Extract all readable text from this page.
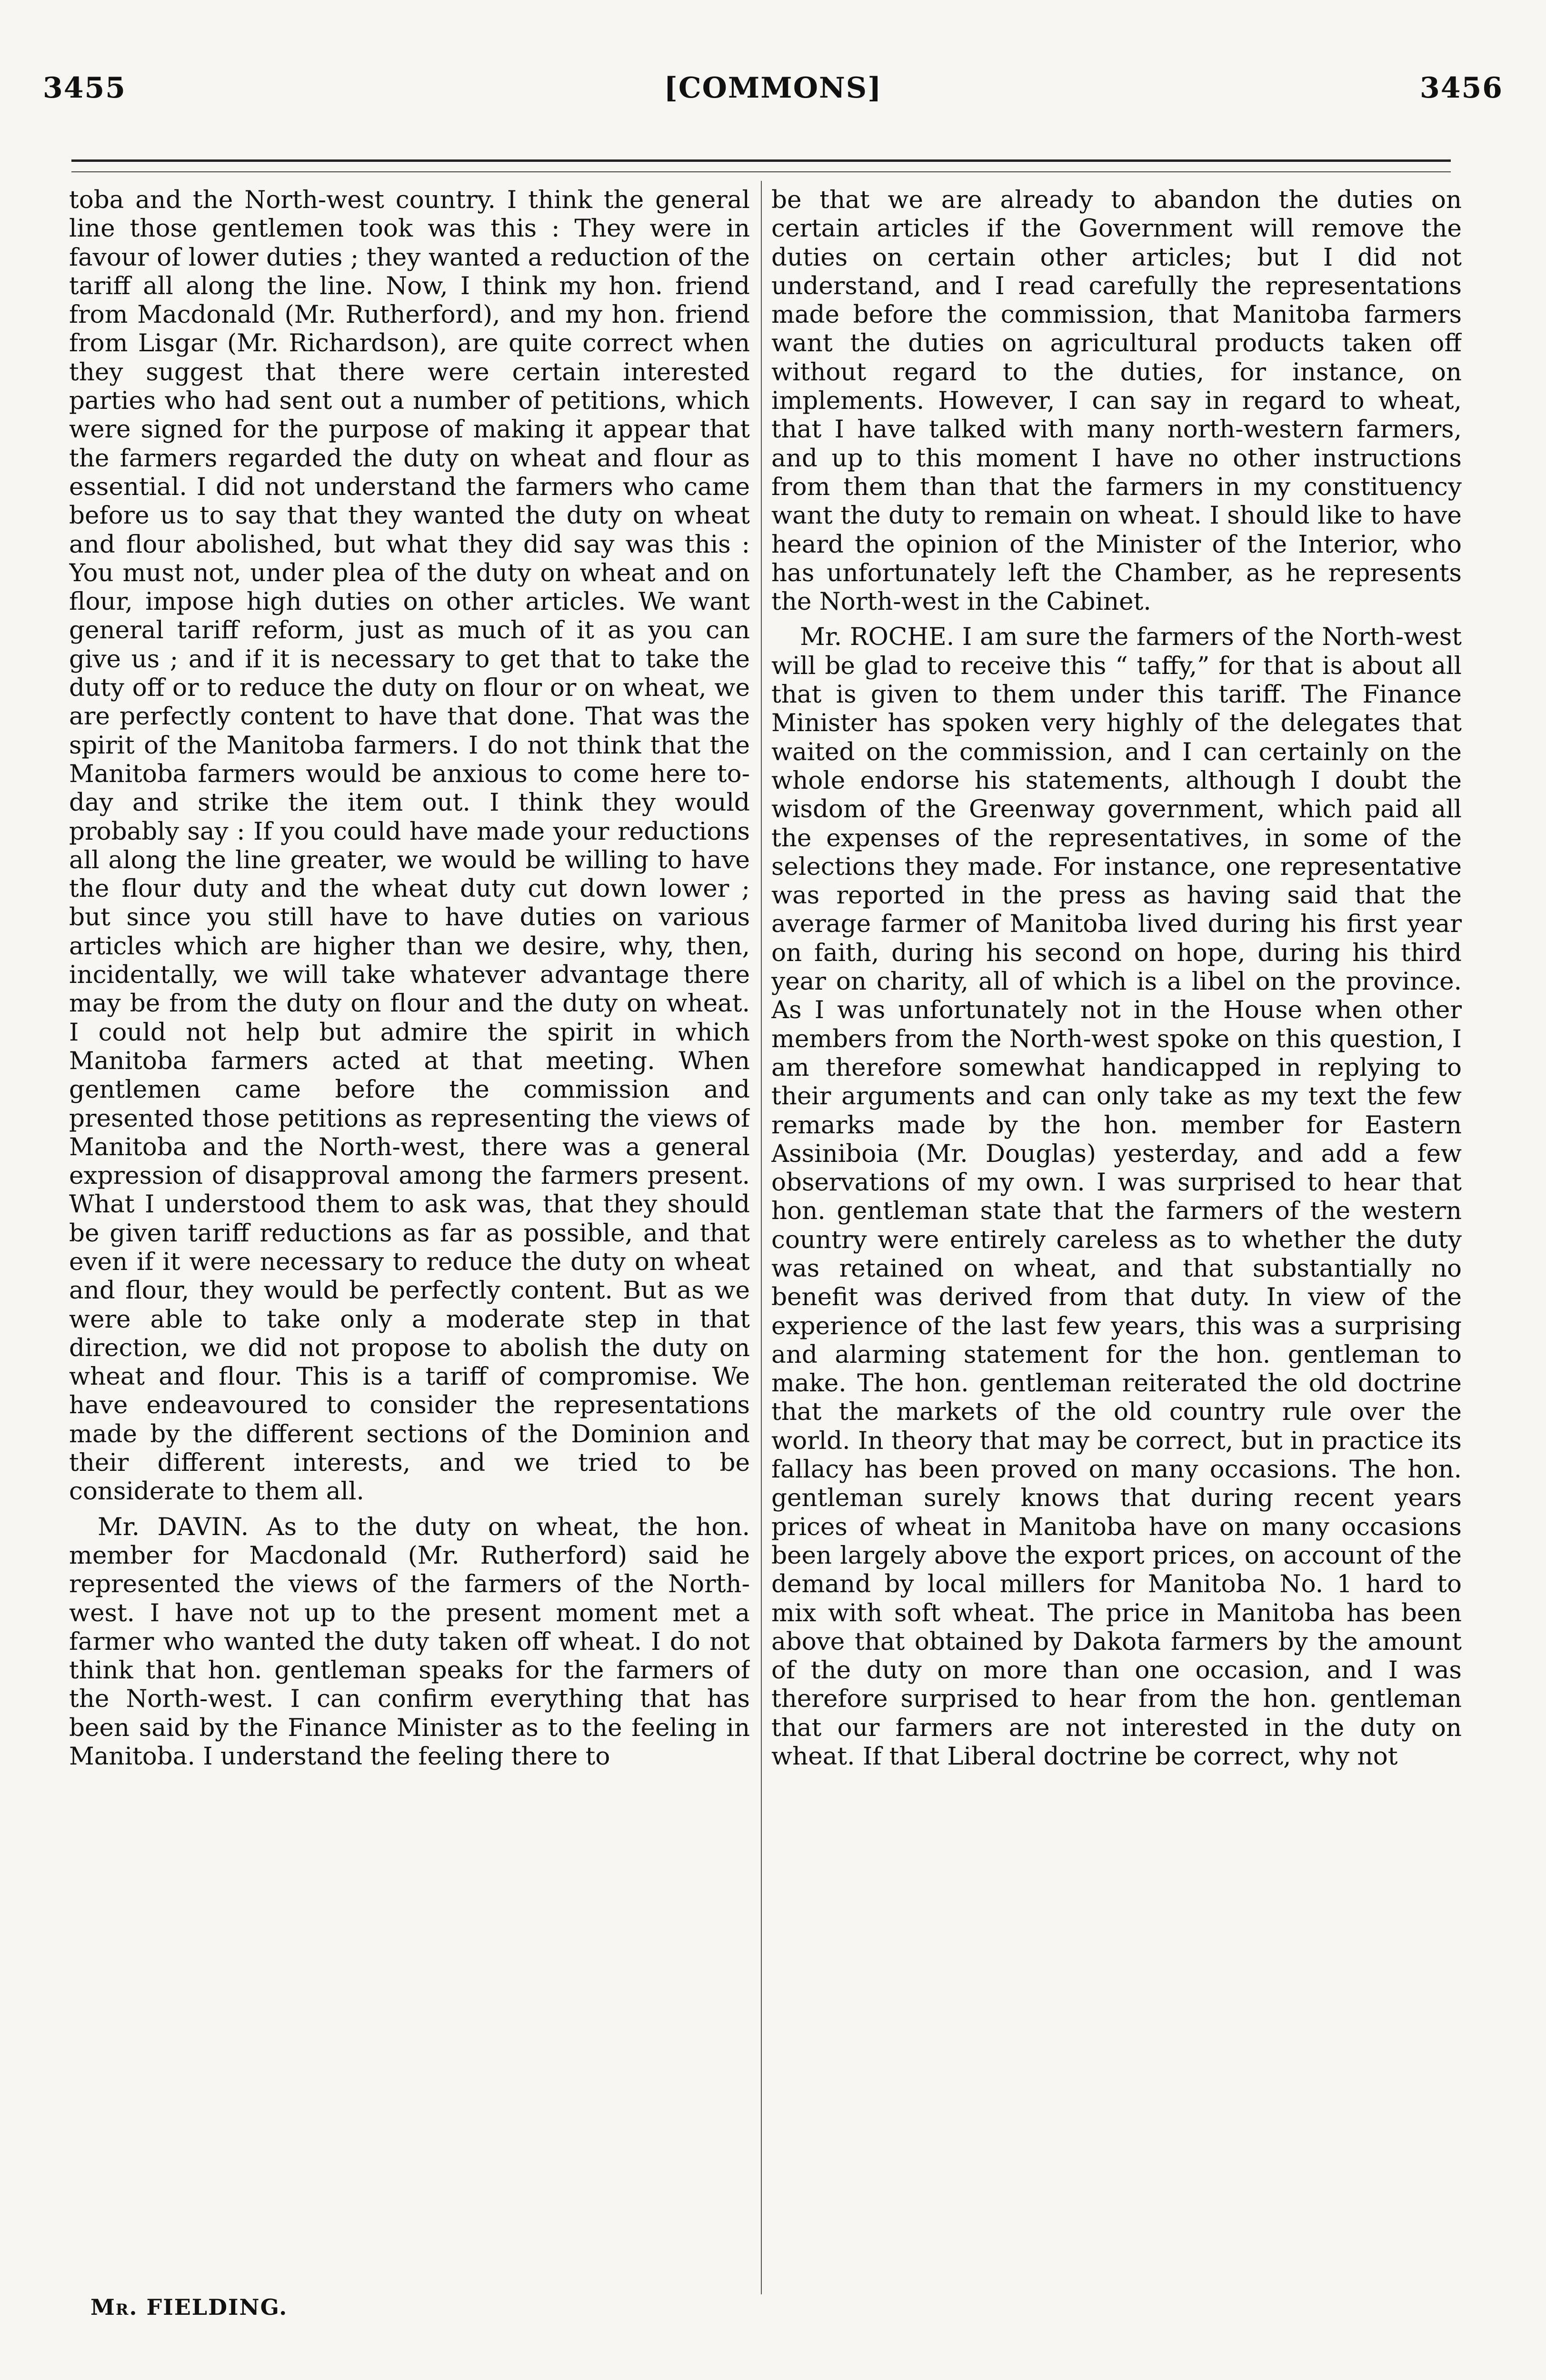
3455	[COMMONS]	3456

toba and the North-west country. I think the general line those gentlemen took was this : They were in favour of lower duties ; they wanted a reduction of the tariff all along the line. Now, I think my hon. friend from Macdonald (Mr. Rutherford), and my hon. friend from Lisgar (Mr. Richardson), are quite correct when they suggest that there were certain interested parties who had sent out a number of petitions, which were signed for the purpose of making it appear that the farmers regarded the duty on wheat and flour as essential. I did not understand the farmers who came before us to say that they wanted the duty on wheat and flour abolished, but what they did say was this : You must not, under plea of the duty on wheat and on flour, impose high duties on other articles. We want general tariff reform, just as much of it as you can give us ; and if it is necessary to get that to take the duty off or to reduce the duty on flour or on wheat, we are perfectly content to have that done. That was the spirit of the Manitoba farmers. I do not think that the Manitoba farmers would be anxious to come here to-day and strike the item out. I think they would probably say : If you could have made your reductions all along the line greater, we would be willing to have the flour duty and the wheat duty cut down lower ; but since you still have to have duties on various articles which are higher than we desire, why, then, incidentally, we will take whatever advantage there may be from the duty on flour and the duty on wheat. I could not help but admire the spirit in which Manitoba farmers acted at that meeting. When gentlemen came before the commission and presented those petitions as representing the views of Manitoba and the North-west, there was a general expression of disapproval among the farmers present. What I understood them to ask was, that they should be given tariff reductions as far as possible, and that even if it were necessary to reduce the duty on wheat and flour, they would be perfectly content. But as we were able to take only a moderate step in that direction, we did not propose to abolish the duty on wheat and flour. This is a tariff of compromise. We have endeavoured to consider the representations made by the different sections of the Dominion and their different interests, and we tried to be considerate to them all.

Mr. DAVIN. As to the duty on wheat, the hon. member for Macdonald (Mr. Rutherford) said he represented the views of the farmers of the North-west. I have not up to the present moment met a farmer who wanted the duty taken off wheat. I do not think that hon. gentleman speaks for the farmers of the North-west. I can confirm everything that has been said by the Finance Minister as to the feeling in Manitoba. I understand the feeling there to

be that we are already to abandon the duties on certain articles if the Government will remove the duties on certain other articles; but I did not understand, and I read carefully the representations made before the commission, that Manitoba farmers want the duties on agricultural products taken off without regard to the duties, for instance, on implements. However, I can say in regard to wheat, that I have talked with many north-western farmers, and up to this moment I have no other instructions from them than that the farmers in my constituency want the duty to remain on wheat. I should like to have heard the opinion of the Minister of the Interior, who has unfortunately left the Chamber, as he represents the North-west in the Cabinet.

Mr. ROCHE. I am sure the farmers of the North-west will be glad to receive this “ taffy,” for that is about all that is given to them under this tariff. The Finance Minister has spoken very highly of the delegates that waited on the commission, and I can certainly on the whole endorse his statements, although I doubt the wisdom of the Greenway government, which paid all the expenses of the representatives, in some of the selections they made. For instance, one representative was reported in the press as having said that the average farmer of Manitoba lived during his first year on faith, during his second on hope, during his third year on charity, all of which is a libel on the province. As I was unfortunately not in the House when other members from the North-west spoke on this question, I am therefore somewhat handicapped in replying to their arguments and can only take as my text the few remarks made by the hon. member for Eastern Assiniboia (Mr. Douglas) yesterday, and add a few observations of my own. I was surprised to hear that hon. gentleman state that the farmers of the western country were entirely careless as to whether the duty was retained on wheat, and that substantially no benefit was derived from that duty. In view of the experience of the last few years, this was a surprising and alarming statement for the hon. gentleman to make. The hon. gentleman reiterated the old doctrine that the markets of the old country rule over the world. In theory that may be correct, but in practice its fallacy has been proved on many occasions. The hon. gentleman surely knows that during recent years prices of wheat in Manitoba have on many occasions been largely above the export prices, on account of the demand by local millers for Manitoba No. 1 hard to mix with soft wheat. The price in Manitoba has been above that obtained by Dakota farmers by the amount of the duty on more than one occasion, and I was therefore surprised to hear from the hon. gentleman that our farmers are not interested in the duty on wheat. If that Liberal doctrine be correct, why not

Mr. FIELDING.
